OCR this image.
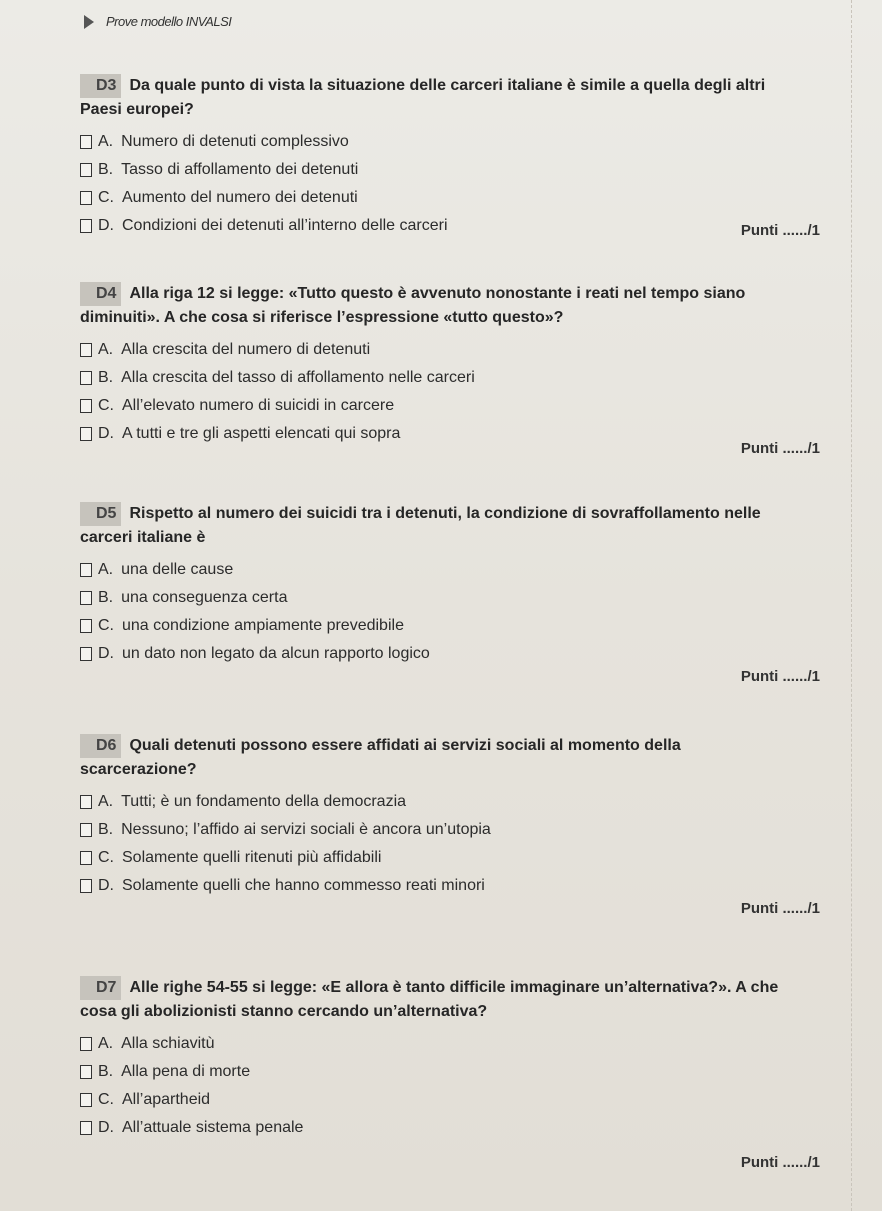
Prove modello INVALSI
D3 Da quale punto di vista la situazione delle carceri italiane è simile a quella degli altri Paesi europei?
A. Numero di detenuti complessivo
B. Tasso di affollamento dei detenuti
C. Aumento del numero dei detenuti
D. Condizioni dei detenuti all’interno delle carceri	Punti ....../1
D4 Alla riga 12 si legge: «Tutto questo è avvenuto nonostante i reati nel tempo siano diminuiti». A che cosa si riferisce l’espressione «tutto questo»?
A. Alla crescita del numero di detenuti
B. Alla crescita del tasso di affollamento nelle carceri
C. All’elevato numero di suicidi in carcere
D. A tutti e tre gli aspetti elencati qui sopra
Punti ....../1
D5 Rispetto al numero dei suicidi tra i detenuti, la condizione di sovraffollamento nelle carceri italiane è
A. una delle cause
B. una conseguenza certa
C. una condizione ampiamente prevedibile
D. un dato non legato da alcun rapporto logico
Punti ....../1
D6 Quali detenuti possono essere affidati ai servizi sociali al momento della scarcerazione?
A. Tutti; è un fondamento della democrazia
B. Nessuno; l’affido ai servizi sociali è ancora un’utopia
C. Solamente quelli ritenuti più affidabili
D. Solamente quelli che hanno commesso reati minori
Punti ....../1
D7 Alle righe 54-55 si legge: «E allora è tanto difficile immaginare un’alternativa?». A che cosa gli abolizionisti stanno cercando un’alternativa?
A. Alla schiavitù
B. Alla pena di morte
C. All’apartheid
D. All’attuale sistema penale
Punti ....../1
